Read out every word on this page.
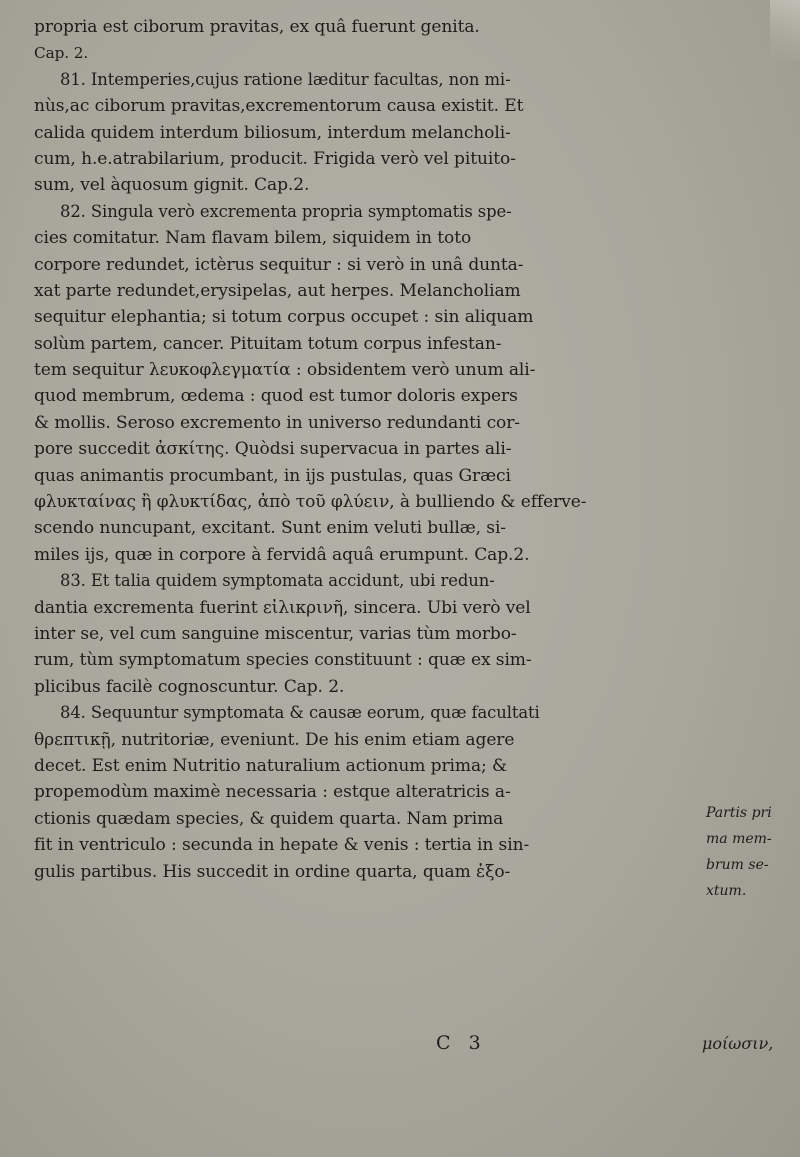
propria est ciborum pravitas, ex quâ fuerunt genita.
Cap. 2.
81. Intemperies,cujus ratione læditur facultas, non mi-
nùs,ac ciborum pravitas,excrementorum causa existit. Et
calida quidem interdum biliosum, interdum melancholi-
cum, h.e.atrabilarium, producit. Frigida verò vel pituito-
sum, vel àquosum gignit. Cap.2.
82. Singula verò excrementa propria symptomatis spe-
cies comitatur. Nam flavam bilem, siquidem in toto
corpore redundet, ictèrus sequitur : si verò in unâ dunta-
xat parte redundet,erysipelas, aut herpes. Melancholiam
sequitur elephantia; si totum corpus occupet : sin aliquam
solùm partem, cancer. Pituitam totum corpus infestan-
tem sequitur λευκοφλεγματία : obsidentem verò unum ali-
quod membrum, œdema : quod est tumor doloris expers
& mollis. Seroso excremento in universo redundanti cor-
pore succedit ἀσκίτης. Quòdsi supervacua in partes ali-
quas animantis procumbant, in ijs pustulas, quas Græci
φλυκταίνας ἢ φλυκτίδας, ἀπὸ τοῦ φλύειν, à bulliendo & efferve-
scendo nuncupant, excitant. Sunt enim veluti bullæ, si-
miles ijs, quæ in corpore à fervidâ aquâ erumpunt. Cap.2.
83. Et talia quidem symptomata accidunt, ubi redun-
dantia excrementa fuerint εἰλικρινῆ, sincera. Ubi verò vel
inter se, vel cum sanguine miscentur, varias tùm morbo-
rum, tùm symptomatum species constituunt : quæ ex sim-
plicibus facilè cognoscuntur. Cap. 2.
84. Sequuntur symptomata & causæ eorum, quæ facultati
θρεπτικῇ, nutritoriæ, eveniunt. De his enim etiam agere
decet. Est enim Nutritio naturalium actionum prima; &
propemodùm maximè necessaria : estque alteratricis a-
ctionis quædam species, & quidem quarta. Nam prima
fit in ventriculo : secunda in hepate & venis : tertia in sin-
gulis partibus. His succedit in ordine quarta, quam ἐξο-
Partis pri
ma mem-
brum se-
xtum.
C 3	μοίωσιν,
